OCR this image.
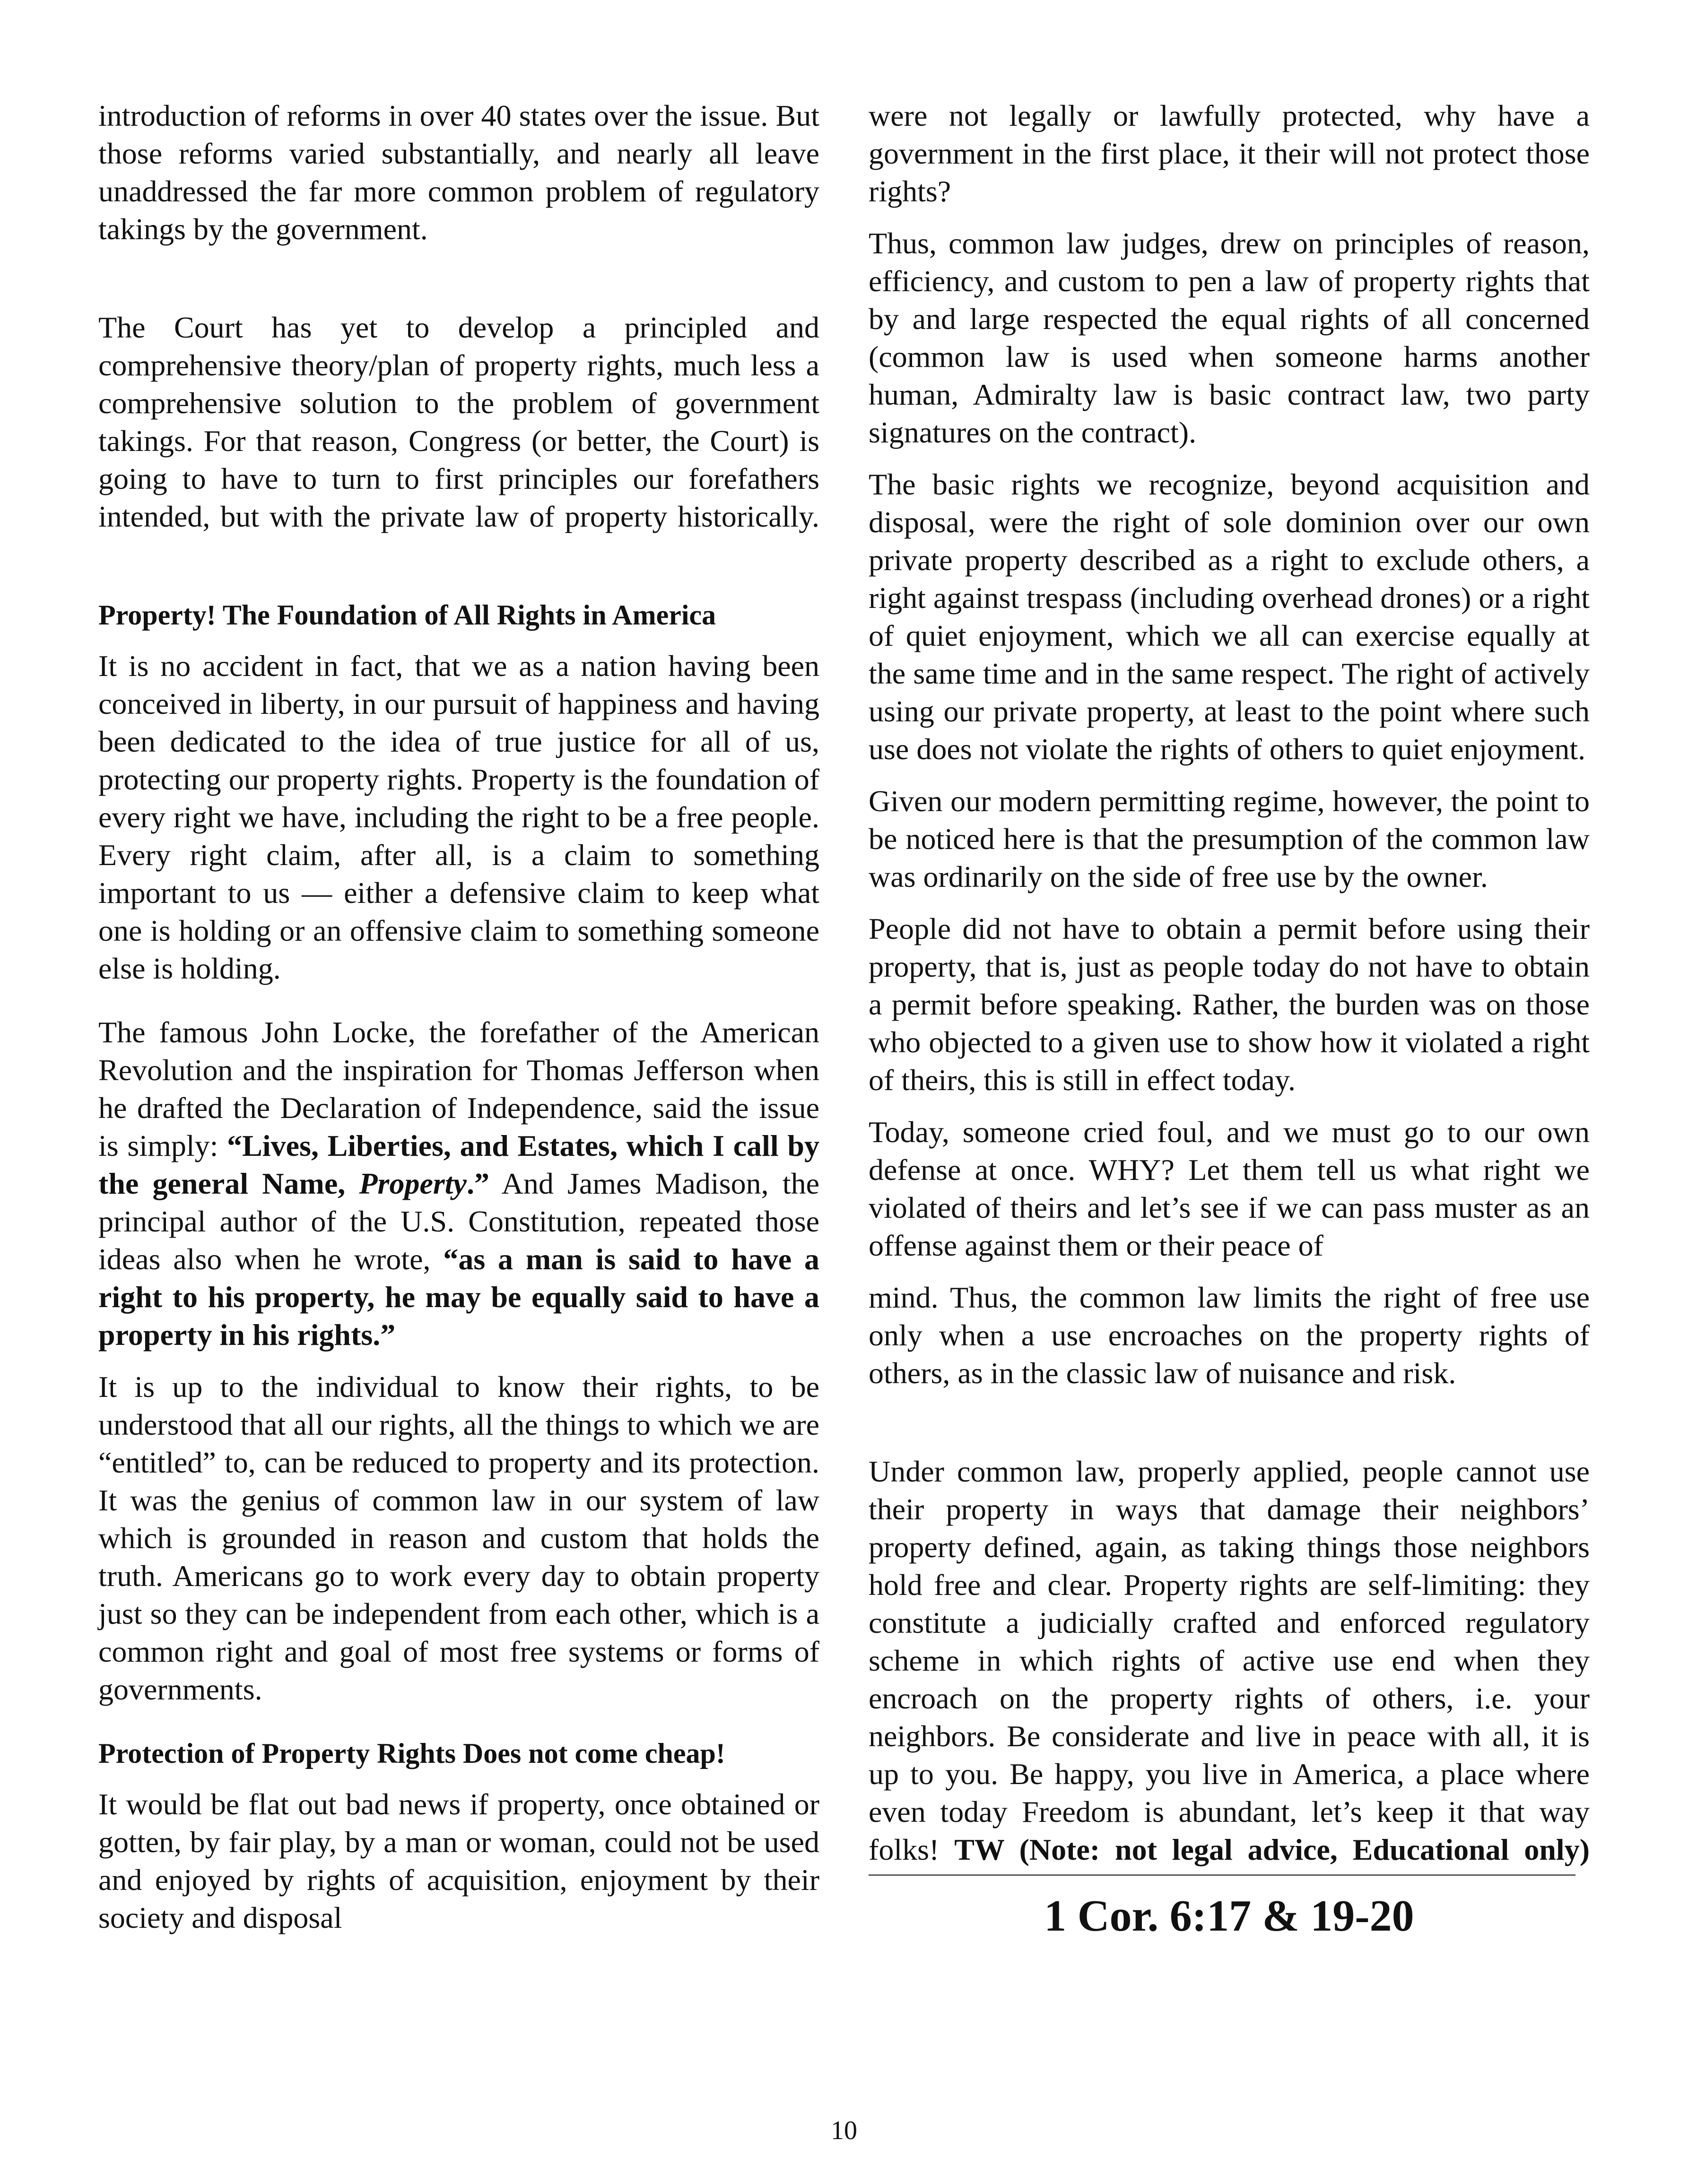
introduction of reforms in over 40 states over the issue. But those reforms varied substantially, and nearly all leave unaddressed the far more common problem of regulatory takings by the government.

The Court has yet to develop a principled and comprehensive theory/plan of property rights, much less a comprehensive solution to the problem of government takings. For that reason, Congress (or better, the Court) is going to have to turn to first principles our forefathers intended, but with the private law of property historically.

Property! The Foundation of All Rights in America

It is no accident in fact, that we as a nation having been conceived in liberty, in our pursuit of happiness and having been dedicated to the idea of true justice for all of us, protecting our property rights. Property is the foundation of every right we have, including the right to be a free people. Every right claim, after all, is a claim to something important to us — either a defensive claim to keep what one is holding or an offensive claim to something someone else is holding.

The famous John Locke, the forefather of the American Revolution and the inspiration for Thomas Jefferson when he drafted the Declaration of Independence, said the issue is simply: “Lives, Liberties, and Estates, which I call by the general Name, Property.” And James Madison, the principal author of the U.S. Constitution, repeated those ideas also when he wrote, “as a man is said to have a right to his property, he may be equally said to have a property in his rights.”

It is up to the individual to know their rights, to be understood that all our rights, all the things to which we are “entitled” to, can be reduced to property and its protection. It was the genius of common law in our system of law which is grounded in reason and custom that holds the truth. Americans go to work every day to obtain property just so they can be independent from each other, which is a common right and goal of most free systems or forms of governments.

Protection of Property Rights Does not come cheap!

It would be flat out bad news if property, once obtained or gotten, by fair play, by a man or woman, could not be used and enjoyed by rights of acquisition, enjoyment by their society and disposal

were not legally or lawfully protected, why have a government in the first place, it their will not protect those rights?

Thus, common law judges, drew on principles of reason, efficiency, and custom to pen a law of property rights that by and large respected the equal rights of all concerned (common law is used when someone harms another human, Admiralty law is basic contract law, two party signatures on the contract).

The basic rights we recognize, beyond acquisition and disposal, were the right of sole dominion over our own private property described as a right to exclude others, a right against trespass (including overhead drones) or a right of quiet enjoyment, which we all can exercise equally at the same time and in the same respect. The right of actively using our private property, at least to the point where such use does not violate the rights of others to quiet enjoyment.

Given our modern permitting regime, however, the point to be noticed here is that the presumption of the common law was ordinarily on the side of free use by the owner.

People did not have to obtain a permit before using their property, that is, just as people today do not have to obtain a permit before speaking. Rather, the burden was on those who objected to a given use to show how it violated a right of theirs, this is still in effect today.

Today, someone cried foul, and we must go to our own defense at once. WHY? Let them tell us what right we violated of theirs and let’s see if we can pass muster as an offense against them or their peace of

mind. Thus, the common law limits the right of free use only when a use encroaches on the property rights of others, as in the classic law of nuisance and risk.

Under common law, properly applied, people cannot use their property in ways that damage their neighbors’ property defined, again, as taking things those neighbors hold free and clear. Property rights are self-limiting: they constitute a judicially crafted and enforced regulatory scheme in which rights of active use end when they encroach on the property rights of others, i.e. your neighbors. Be considerate and live in peace with all, it is up to you. Be happy, you live in America, a place where even today Freedom is abundant, let’s keep it that way folks! TW (Note: not legal advice, Educational only)

1 Cor. 6:17 & 19-20
10
